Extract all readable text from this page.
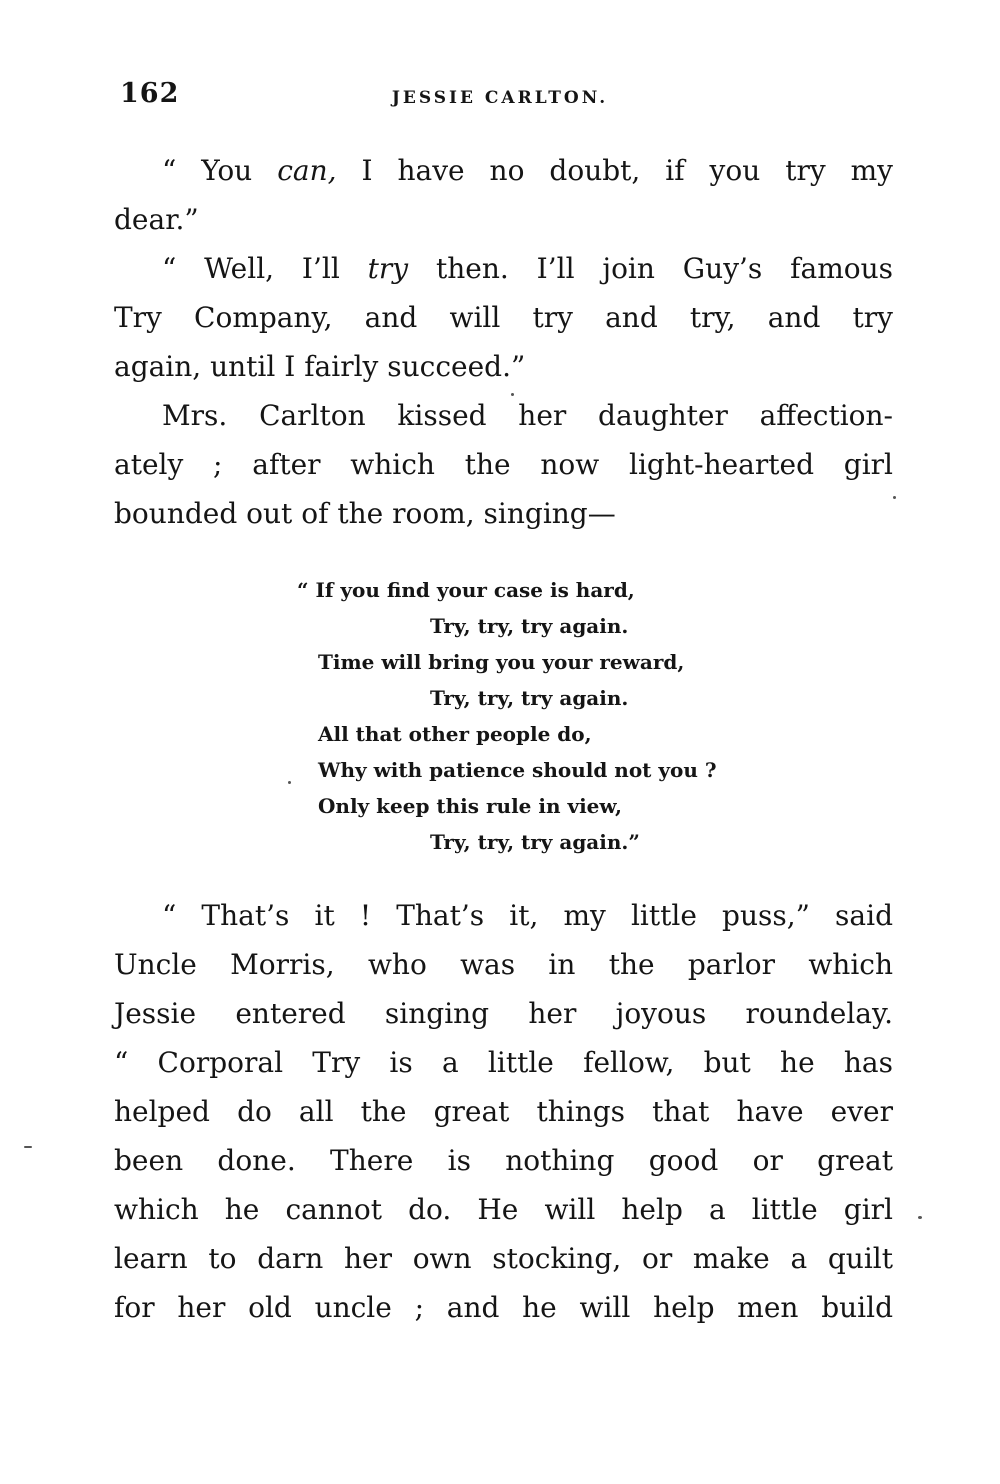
162	JESSIE CARLTON.
“ You can, I have no doubt, if you try my
dear.”
“ Well, I’ll try then. I’ll join Guy’s famous
Try Company, and will try and try, and try
again, until I fairly succeed.”
Mrs. Carlton kissed her daughter affection-
ately ; after which the now light-hearted girl
bounded out of the room, singing—
“ If you find your case is hard,
Try, try, try again.
Time will bring you your reward,
Try, try, try again.
All that other people do,
Why with patience should not you ?
Only keep this rule in view,
Try, try, try again.”
“ That’s it ! That’s it, my little puss,” said
Uncle Morris, who was in the parlor which
Jessie entered singing her joyous roundelay.
“ Corporal Try is a little fellow, but he has
helped do all the great things that have ever
been done. There is nothing good or great
which he cannot do. He will help a little girl
learn to darn her own stocking, or make a quilt
for her old uncle ; and he will help men build
